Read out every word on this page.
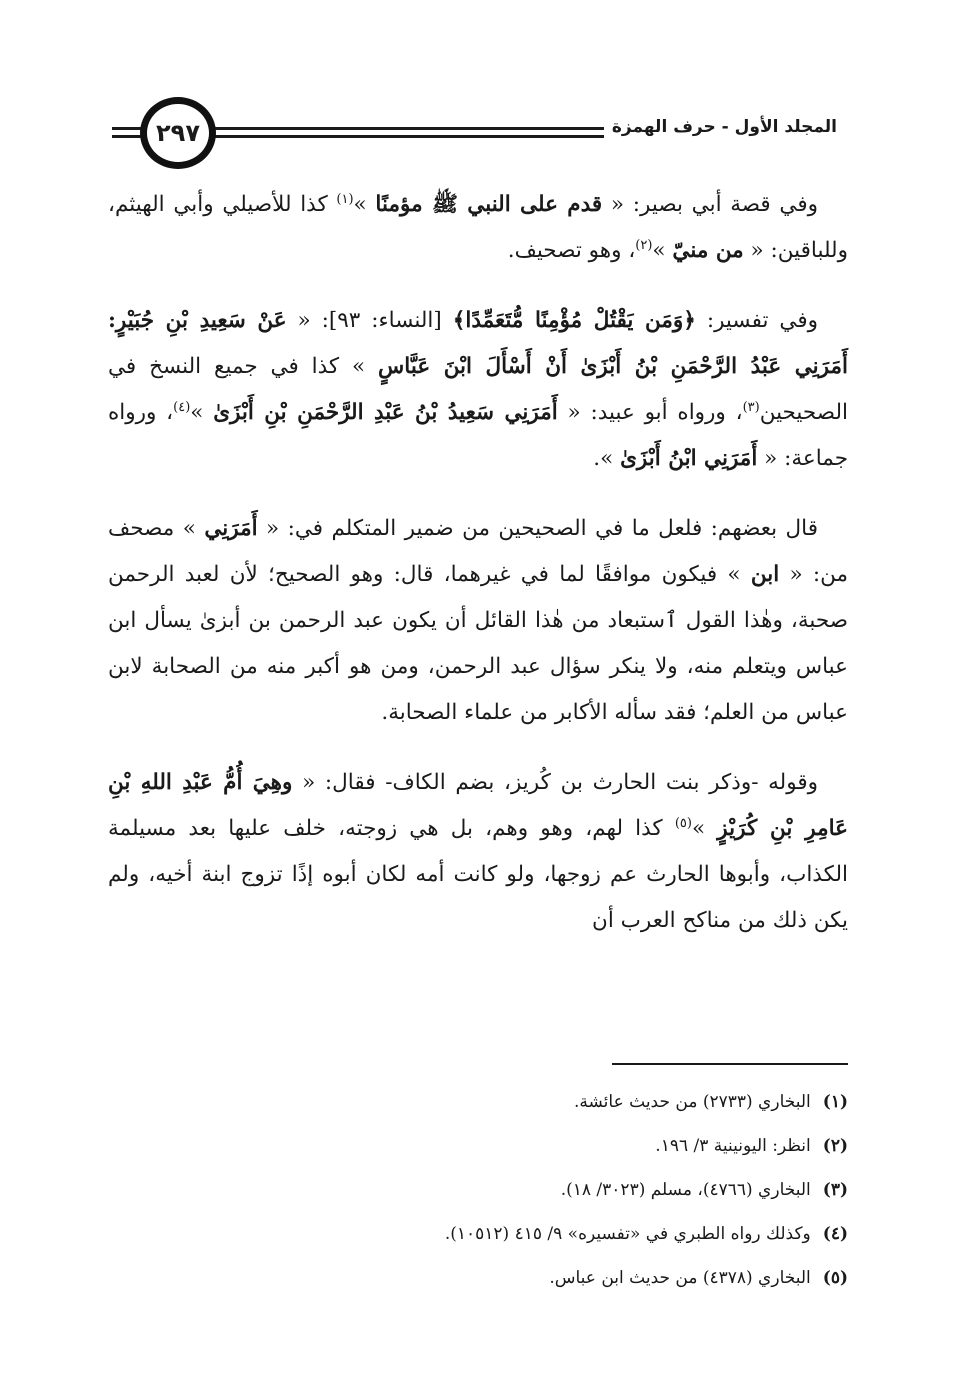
المجلد الأول - حرف الهمزة
٢٩٧

وفي قصة أبي بصير: « قدم على النبي ﷺ مؤمنًا »$^{(١)}$ كذا للأصيلي وأبي الهيثم، وللباقين: « من منيّ »$^{(٢)}$، وهو تصحيف.

وفي تفسير: ﴿وَمَن يَقْتُلْ مُؤْمِنًا مُّتَعَمِّدًا﴾ [النساء: ٩٣]: « عَنْ سَعِيدِ بْنِ جُبَيْرٍ: أَمَرَنِي عَبْدُ الرَّحْمَنِ بْنُ أَبْزَىٰ أَنْ أَسْأَلَ ابْنَ عَبَّاسٍ » كذا في جميع النسخ في الصحيحين$^{(٣)}$، ورواه أبو عبيد: « أَمَرَنِي سَعِيدُ بْنُ عَبْدِ الرَّحْمَنِ بْنِ أَبْزَىٰ »$^{(٤)}$، ورواه جماعة: « أَمَرَنِي ابْنُ أَبْزَىٰ ».

قال بعضهم: فلعل ما في الصحيحين من ضمير المتكلم في: « أَمَرَنِي » مصحف من: « ابن » فيكون موافقًا لما في غيرهما، قال: وهو الصحيح؛ لأن لعبد الرحمن صحبة، وهٰذا القول ٱستبعاد من هٰذا القائل أن يكون عبد الرحمن بن أبزىٰ يسأل ابن عباس ويتعلم منه، ولا ينكر سؤال عبد الرحمن، ومن هو أكبر منه من الصحابة لابن عباس من العلم؛ فقد سأله الأكابر من علماء الصحابة.

وقوله -وذكر بنت الحارث بن كُريز، بضم الكاف- فقال: « وهِيَ أُمُّ عَبْدِ اللهِ بْنِ عَامِرِ بْنِ كُرَيْزٍ »$^{(٥)}$ كذا لهم، وهو وهم، بل هي زوجته، خلف عليها بعد مسيلمة الكذاب، وأبوها الحارث عم زوجها، ولو كانت أمه لكان أبوه إذًا تزوج ابنة أخيه، ولم يكن ذلك من مناكح العرب أن

(١)
البخاري (٢٧٣٣) من حديث عائشة.
(٢)
انظر: اليونينية ٣/ ١٩٦.
(٣)
البخاري (٤٧٦٦)، مسلم (٣٠٢٣/ ١٨).
(٤)
وكذلك رواه الطبري في «تفسيره» ٩/ ٤١٥ (١٠٥١٢).
(٥)
البخاري (٤٣٧٨) من حديث ابن عباس.
